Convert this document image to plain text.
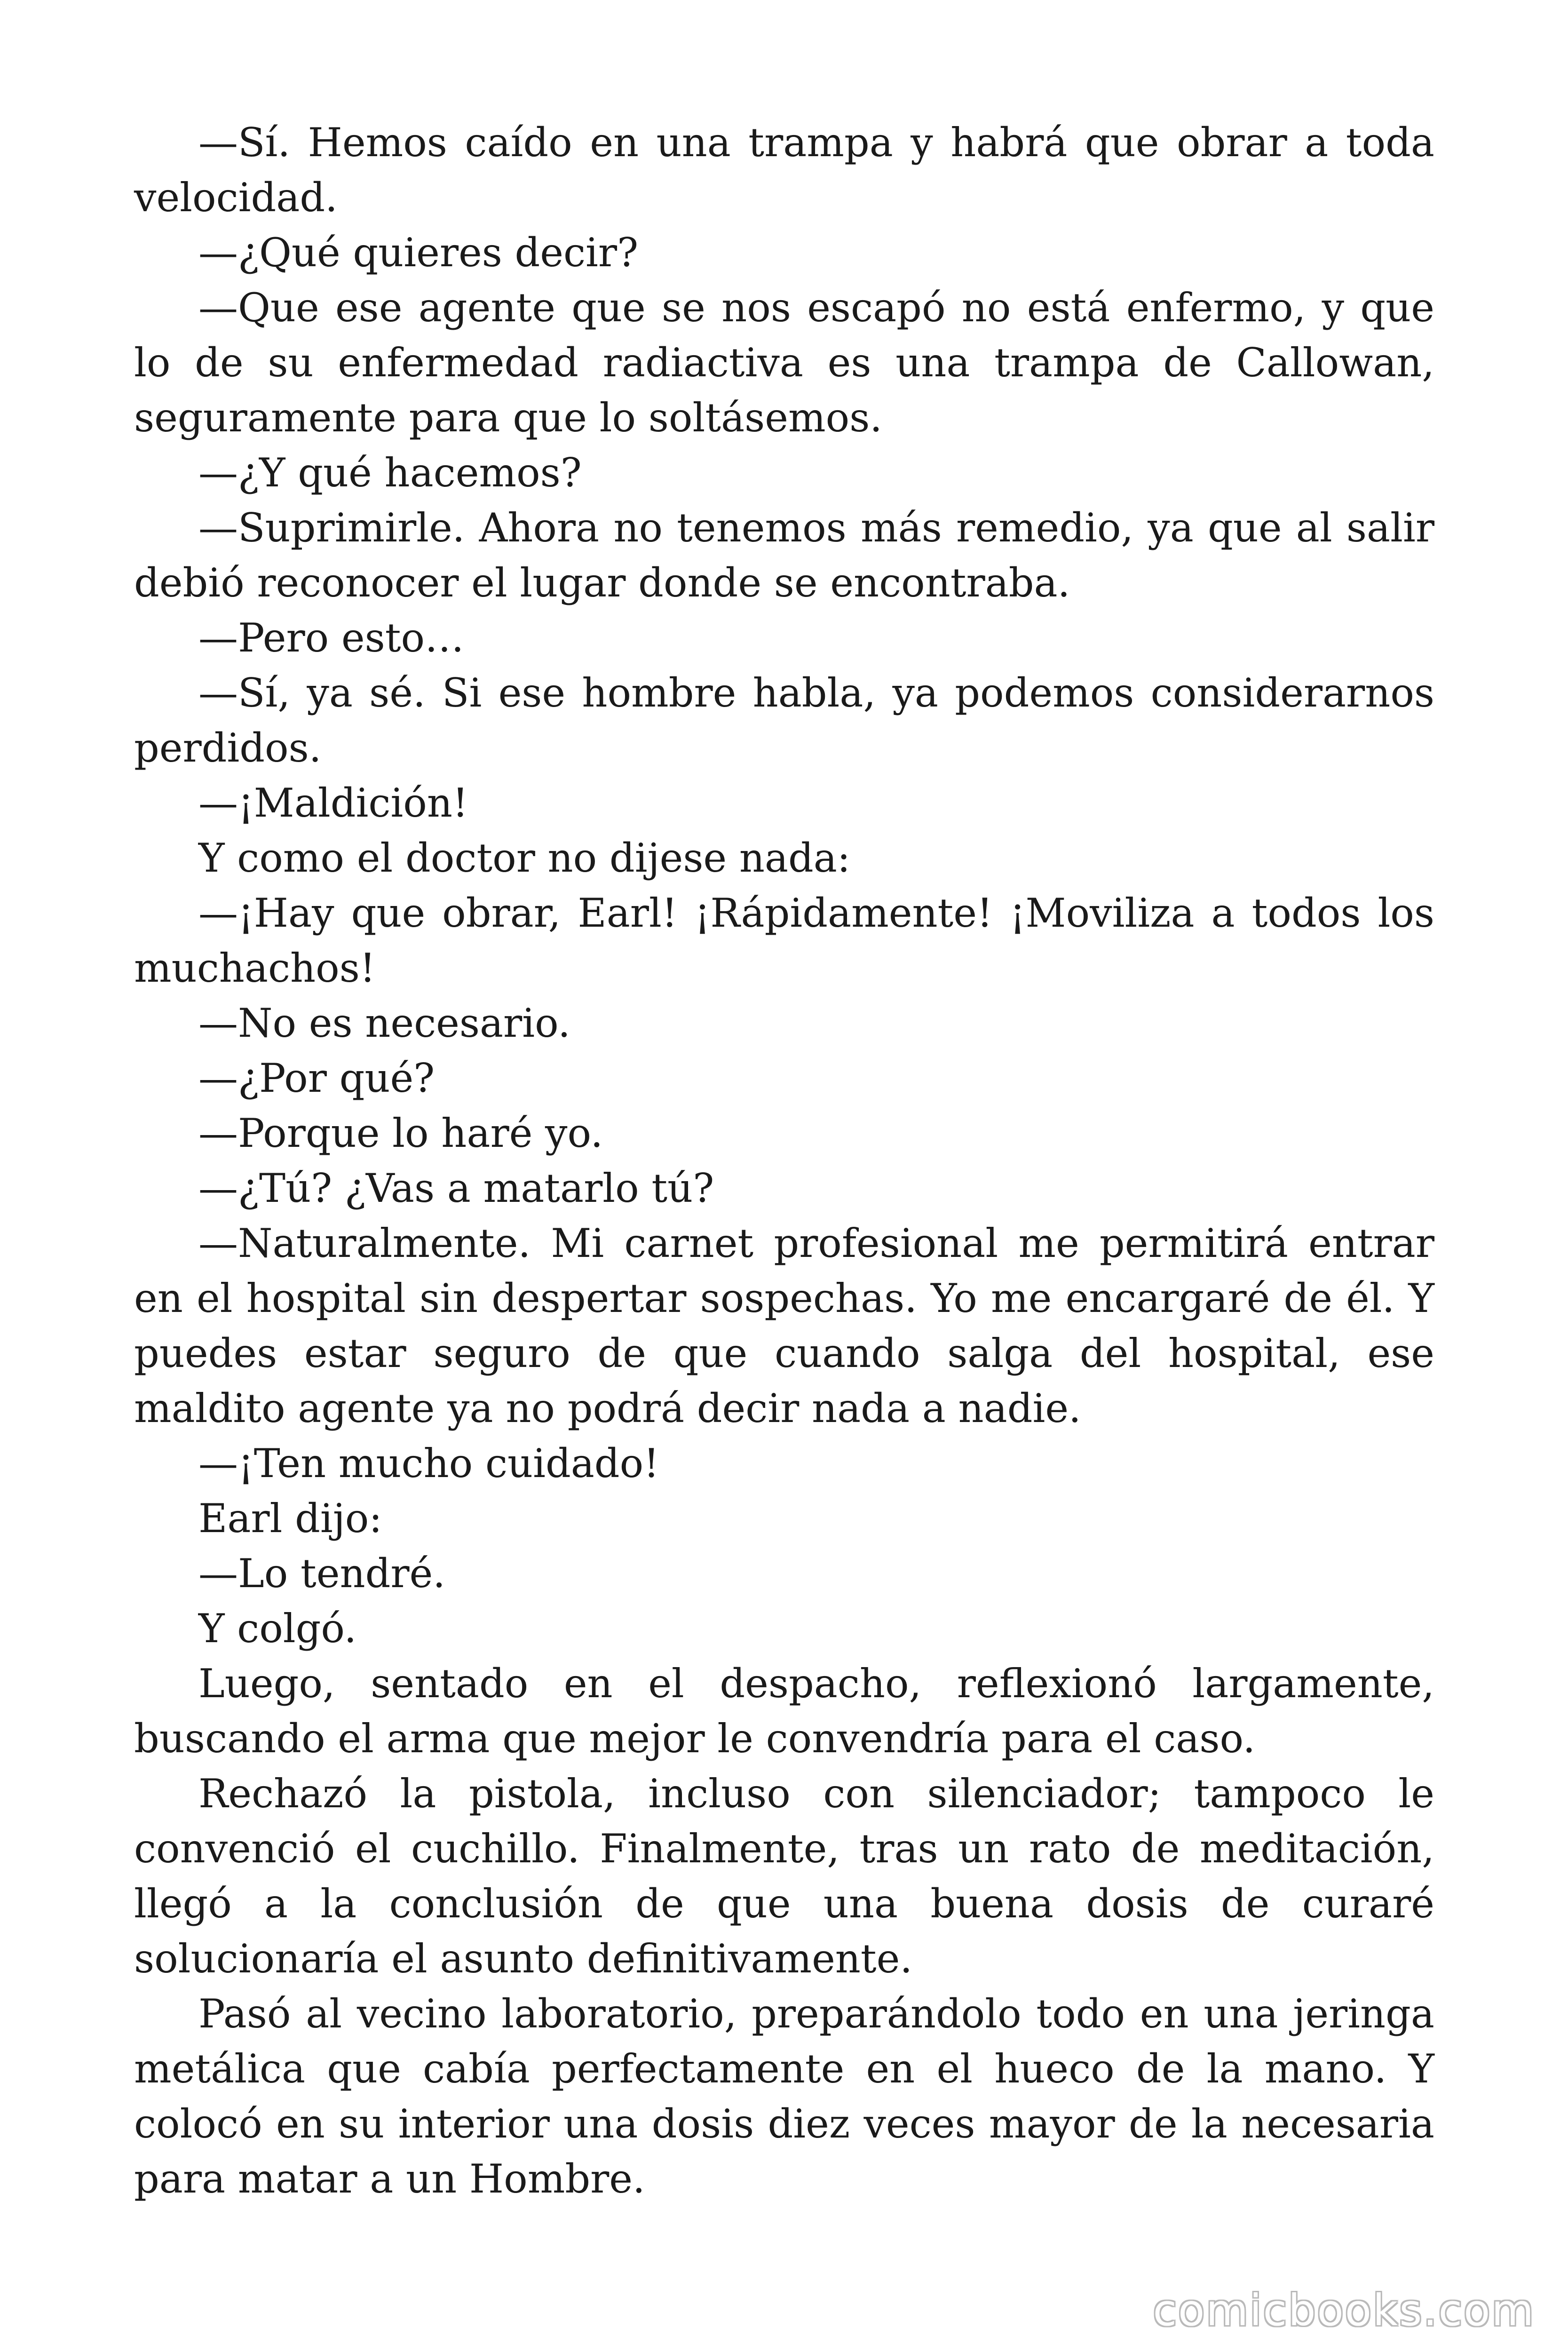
—Sí. Hemos caído en una trampa y habrá que obrar a toda velocidad.

—¿Qué quieres decir?

—Que ese agente que se nos escapó no está enfermo, y que lo de su enfermedad radiactiva es una trampa de Callowan, seguramente para que lo soltásemos.

—¿Y qué hacemos?

—Suprimirle. Ahora no tenemos más remedio, ya que al salir debió reconocer el lugar donde se encontraba.

—Pero esto…

—Sí, ya sé. Si ese hombre habla, ya podemos considerarnos perdidos.

—¡Maldición!

Y como el doctor no dijese nada:

—¡Hay que obrar, Earl! ¡Rápidamente! ¡Moviliza a todos los muchachos!

—No es necesario.

—¿Por qué?

—Porque lo haré yo.

—¿Tú? ¿Vas a matarlo tú?

—Naturalmente. Mi carnet profesional me permitirá entrar en el hospital sin despertar sospechas. Yo me encargaré de él. Y puedes estar seguro de que cuando salga del hospital, ese maldito agente ya no podrá decir nada a nadie.

—¡Ten mucho cuidado!

Earl dijo:

—Lo tendré.

Y colgó.

Luego, sentado en el despacho, reflexionó largamente, buscando el arma que mejor le convendría para el caso.

Rechazó la pistola, incluso con silenciador; tampoco le convenció el cuchillo. Finalmente, tras un rato de meditación, llegó a la conclusión de que una buena dosis de curaré solucionaría el asunto definitivamente.

Pasó al vecino laboratorio, preparándolo todo en una jeringa metálica que cabía perfectamente en el hueco de la mano. Y colocó en su interior una dosis diez veces mayor de la necesaria para matar a un Hombre.

comicbooks.com
